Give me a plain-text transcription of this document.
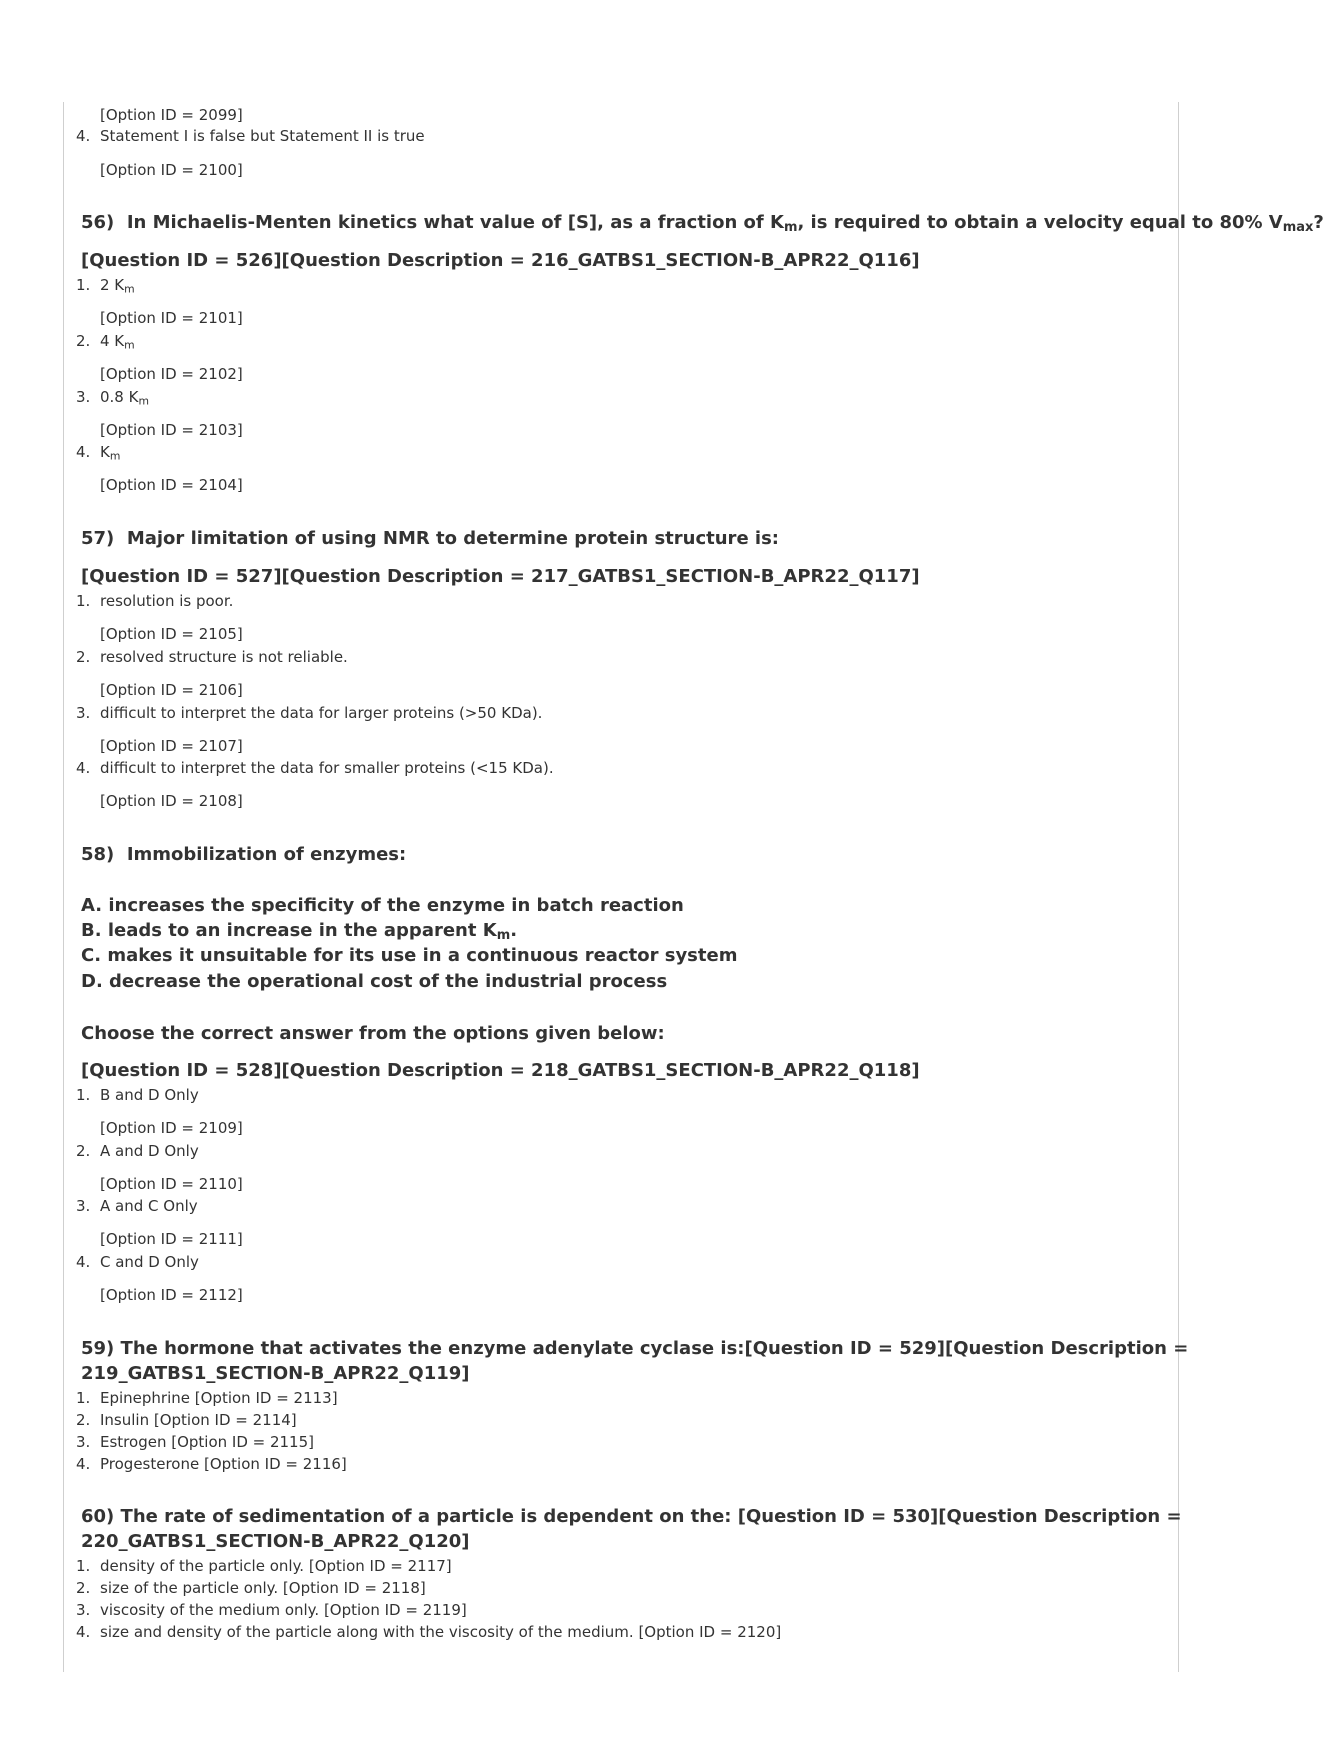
[Option ID = 2099]
4. Statement I is false but Statement II is true
[Option ID = 2100]
56) In Michaelis-Menten kinetics what value of [S], as a fraction of $K_m$, is required to obtain a velocity equal to 80% $V_{max}$?
[Question ID = 526][Question Description = 216_GATBS1_SECTION-B_APR22_Q116]
1. 2 $K_m$
[Option ID = 2101]
2. 4 $K_m$
[Option ID = 2102]
3. 0.8 $K_m$
[Option ID = 2103]
4. $K_m$
[Option ID = 2104]
57) Major limitation of using NMR to determine protein structure is:
[Question ID = 527][Question Description = 217_GATBS1_SECTION-B_APR22_Q117]
1. resolution is poor.
[Option ID = 2105]
2. resolved structure is not reliable.
[Option ID = 2106]
3. difficult to interpret the data for larger proteins (>50 KDa).
[Option ID = 2107]
4. difficult to interpret the data for smaller proteins (<15 KDa).
[Option ID = 2108]
58) Immobilization of enzymes:
A. increases the specificity of the enzyme in batch reaction
B. leads to an increase in the apparent $K_m$.
C. makes it unsuitable for its use in a continuous reactor system
D. decrease the operational cost of the industrial process
Choose the correct answer from the options given below:
[Question ID = 528][Question Description = 218_GATBS1_SECTION-B_APR22_Q118]
1. B and D Only
[Option ID = 2109]
2. A and D Only
[Option ID = 2110]
3. A and C Only
[Option ID = 2111]
4. C and D Only
[Option ID = 2112]
59) The hormone that activates the enzyme adenylate cyclase is:[Question ID = 529][Question Description =
219_GATBS1_SECTION-B_APR22_Q119]
1. Epinephrine [Option ID = 2113]
2. Insulin [Option ID = 2114]
3. Estrogen [Option ID = 2115]
4. Progesterone [Option ID = 2116]
60) The rate of sedimentation of a particle is dependent on the: [Question ID = 530][Question Description =
220_GATBS1_SECTION-B_APR22_Q120]
1. density of the particle only. [Option ID = 2117]
2. size of the particle only. [Option ID = 2118]
3. viscosity of the medium only. [Option ID = 2119]
4. size and density of the particle along with the viscosity of the medium. [Option ID = 2120]
